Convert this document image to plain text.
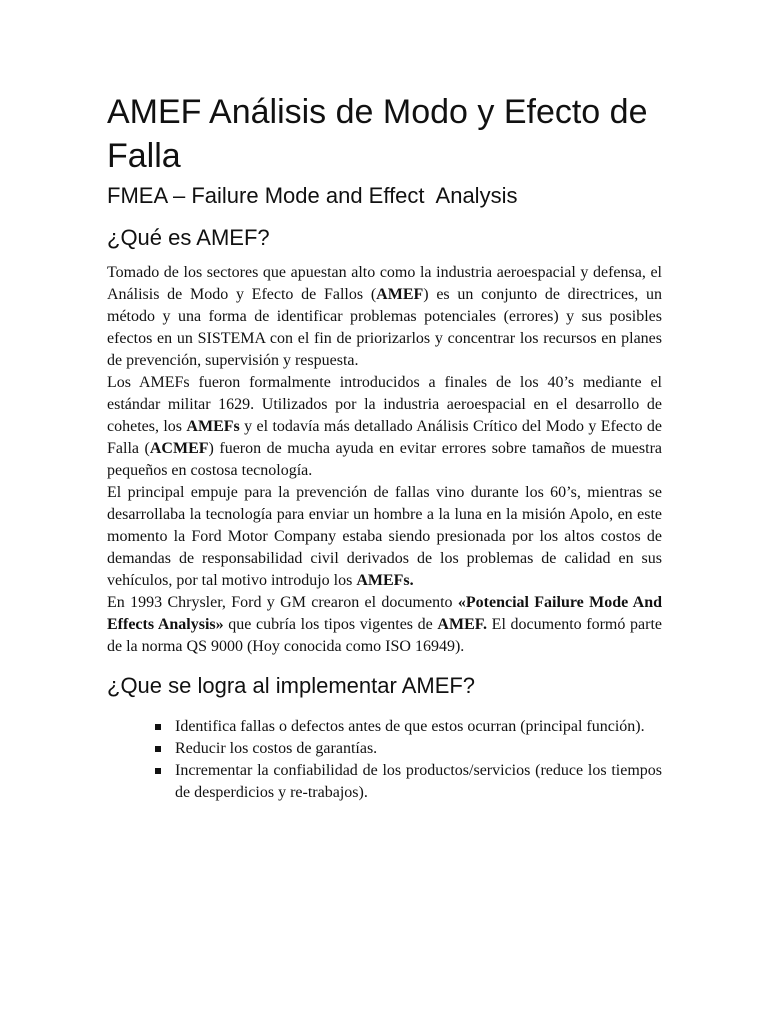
AMEF Análisis de Modo y Efecto de Falla
FMEA – Failure Mode and Effect  Analysis
¿Qué es AMEF?

Tomado de los sectores que apuestan alto como la industria aeroespacial y defensa, el Análisis de Modo y Efecto de Fallos (AMEF) es un conjunto de directrices, un método y una forma de identificar problemas potenciales (errores) y sus posibles efectos en un SISTEMA con el fin de priorizarlos y concentrar los recursos en planes de prevención, supervisión y respuesta.

Los AMEFs fueron formalmente introducidos a finales de los 40’s mediante el estándar militar 1629. Utilizados por la industria aeroespacial en el desarrollo de cohetes, los AMEFs y el todavía más detallado Análisis Crítico del Modo y Efecto de Falla (ACMEF) fueron de mucha ayuda en evitar errores sobre tamaños de muestra pequeños en costosa tecnología.

El principal empuje para la prevención de fallas vino durante los 60’s, mientras se desarrollaba la tecnología para enviar un hombre a la luna en la misión Apolo, en este momento la Ford Motor Company estaba siendo presionada por los altos costos de demandas de responsabilidad civil derivados de los problemas de calidad en sus vehículos, por tal motivo introdujo los AMEFs.

En 1993 Chrysler, Ford y GM crearon el documento «Potencial Failure Mode And Effects Analysis» que cubría los tipos vigentes de AMEF. El documento formó parte de la norma QS 9000 (Hoy conocida como ISO 16949).

¿Que se logra al implementar AMEF?
Identifica fallas o defectos antes de que estos ocurran (principal función).
Reducir los costos de garantías.
Incrementar la confiabilidad de los productos/servicios (reduce los tiempos de desperdicios y re-trabajos).
